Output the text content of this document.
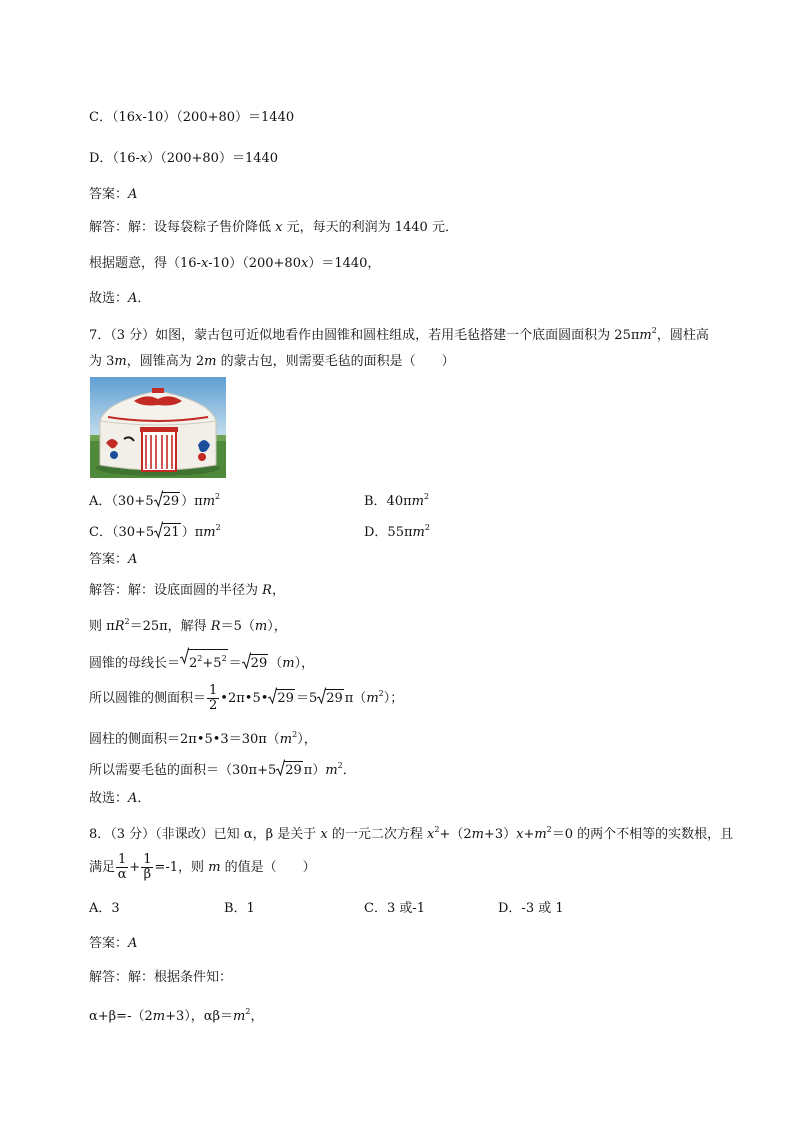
C．（16x-10）（200+80）＝1440
D．（16-x）（200+80）＝1440
答案：A
解答：解：设每袋粽子售价降低 x 元，每天的利润为 1440 元．
根据题意，得（16-x-10）（200+80x）＝1440，
故选：A．
7．（3 分）如图，蒙古包可近似地看作由圆锥和圆柱组成，若用毛毡搭建一个底面圆面积为 $25\pi m^2$，圆柱高
为 3m，圆锥高为 2m 的蒙古包，则需要毛毡的面积是（　　）
A．（30+5 29 ）$\pi m^2$	B．$40\pi m^2$
C．（30+5 21 ）$\pi m^2$	D．$55\pi m^2$
答案：A
解答：解：设底面圆的半径为 R，
则 $\pi R^2=25\pi$，解得 R＝5（m），
圆锥的母线长＝ $2^2+5^2 = 29$ （m），
所以圆锥的侧面积＝ $\frac{1}{2}$ •2π•5• 29 ＝5 29 $\pi(m^2)$；
圆柱的侧面积$=2\pi•5•3=30\pi(m^2)$，
所以需要毛毡的面积＝（30π+5 29 $\pi)m^2$．
故选：A．
8．（3 分）（非课改）已知 α，β 是关于 x 的一元二次方程 $x^2+(2m+3)x+m^2=0$ 的两个不相等的实数根，且
满足 $\frac{1}{\alpha} + \frac{1}{\beta} =-1$，则 m 的值是（　　）
A．3	B．1	C．3 或-1	D．-3 或 1
答案：A
解答：解：根据条件知：
α+β=-（2m+3），$\alpha\beta=m^2$，
